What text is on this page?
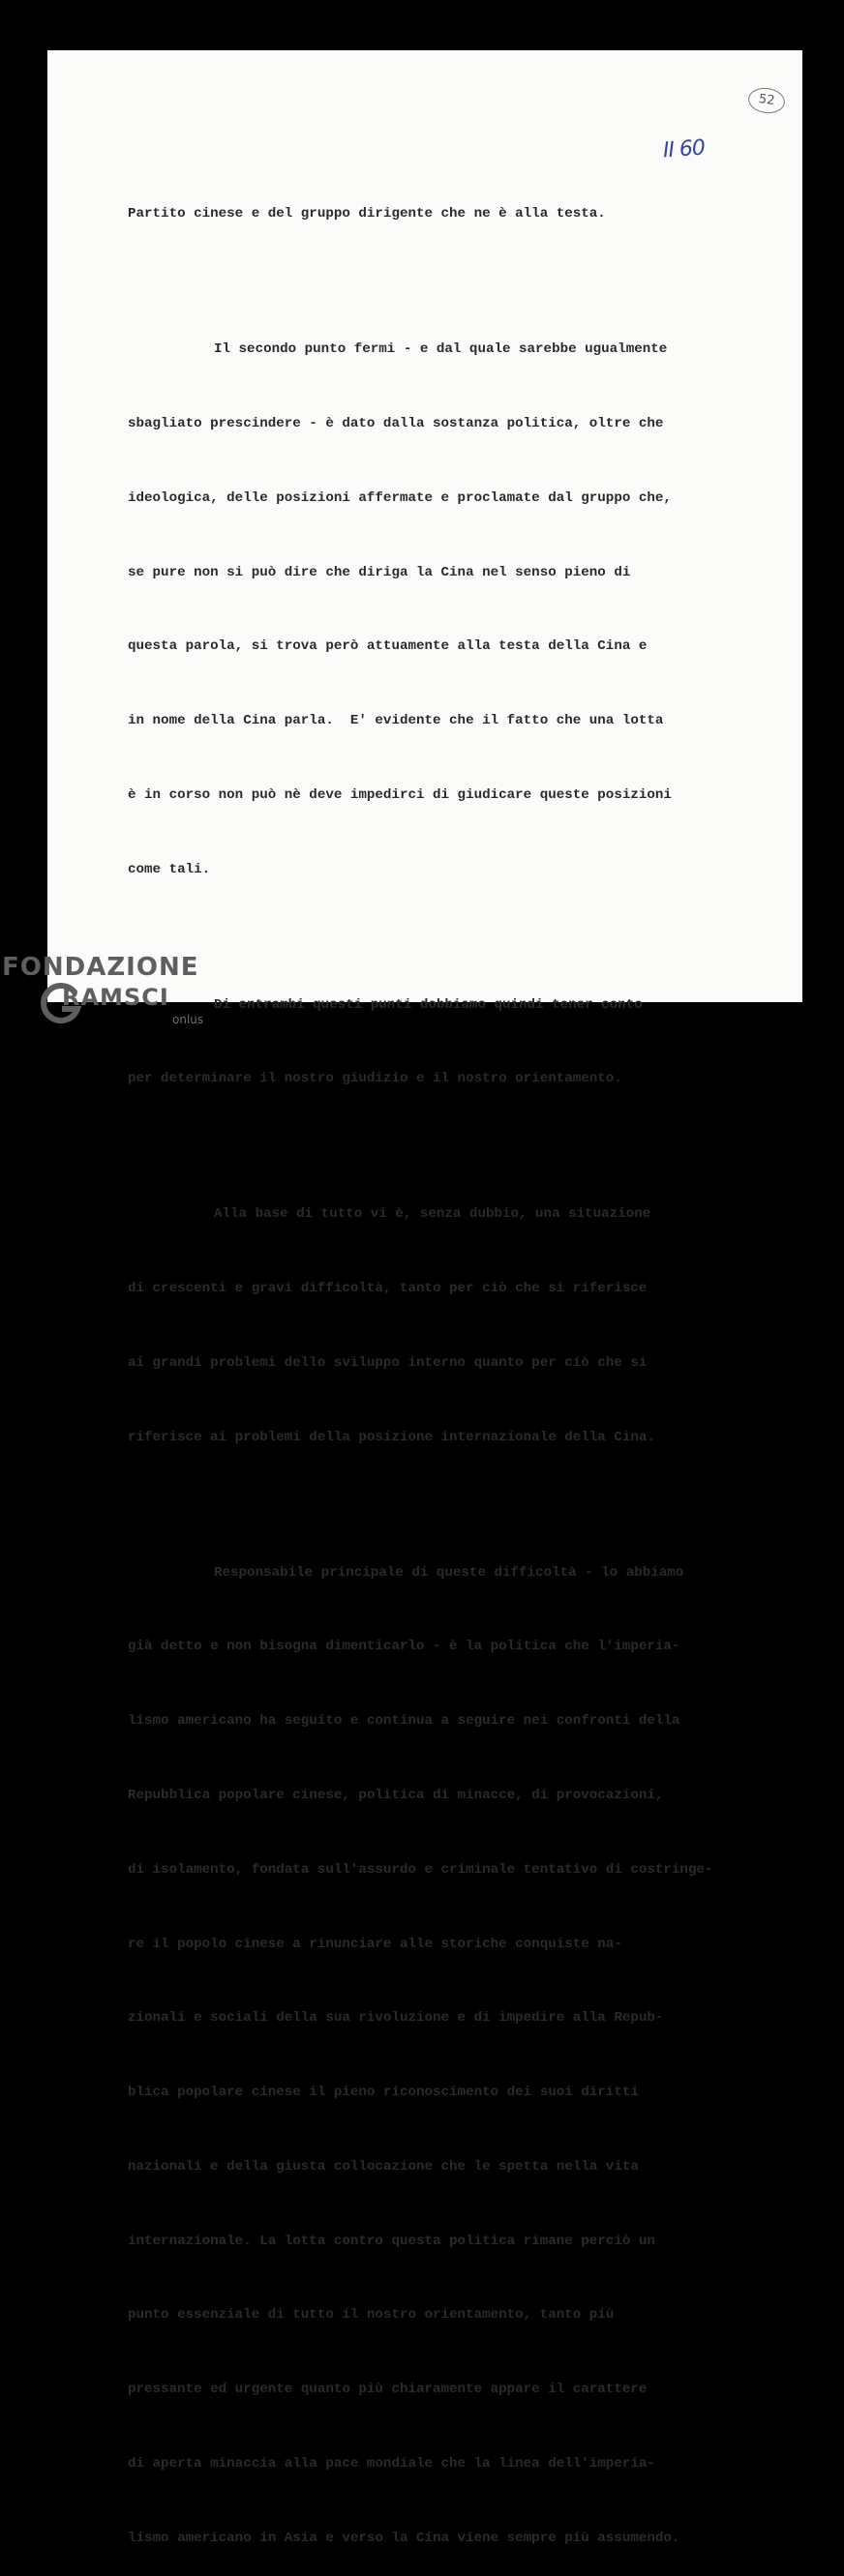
52
II 60

Partito cinese e del gruppo dirigente che ne è alla testa.

Il secondo punto fermi - e dal quale sarebbe ugualmente

sbagliato prescindere - è dato dalla sostanza politica, oltre che

ideologica, delle posizioni affermate e proclamate dal gruppo che,

se pure non si può dire che diriga la Cina nel senso pieno di

questa parola, si trova però attuamente alla testa della Cina e

in nome della Cina parla.  E' evidente che il fatto che una lotta

è in corso non può nè deve impedirci di giudicare queste posizioni

come tali.

Di entrambi questi punti dobbiamo quindi tener conto

per determinare il nostro giudizio e il nostro orientamento.

Alla base di tutto vi è, senza dubbio, una situazione

di crescenti e gravi difficoltà, tanto per ciò che si riferisce

ai grandi problemi dello sviluppo interno quanto per ciò che si

riferisce ai problemi della posizione internazionale della Cina.

Responsabile principale di queste difficoltà - lo abbiamo

già detto e non bisogna dimenticarlo - è la politica che l'imperia-

lismo americano ha seguito e continua a seguire nei confronti della

Repubblica popolare cinese, politica di minacce, di provocazioni,

di isolamento, fondata sull'assurdo e criminale tentativo di costringe-

re il popolo cinese a rinunciare alle storiche conquiste na-

zionali e sociali della sua rivoluzione e di impedire alla Repub-

blica popolare cinese il pieno riconoscimento dei suoi diritti

nazionali e della giusta collocazione che le spetta nella vita

internazionale. La lotta contro questa politica rimane perciò un

punto essenziale di tutto il nostro orientamento, tanto più

pressante ed urgente quanto più chiaramente appare il carattere

di aperta minaccia alla pace mondiale che la linea dell'imperia-

lismo americano in Asia e verso la Cina viene sempre più assumendo.

FONDAZIONE
RAMSCI
onlus
